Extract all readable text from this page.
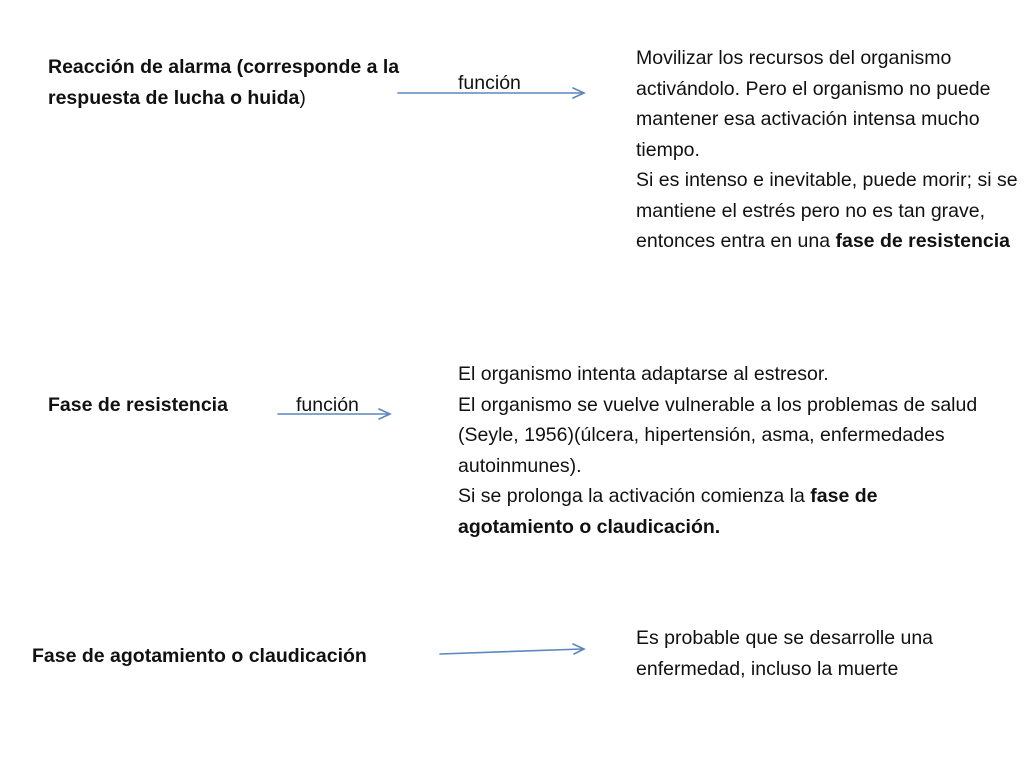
Reacción de alarma (corresponde a la respuesta de lucha o huida)
función

Movilizar los recursos del organismo activándolo. Pero el organismo no puede mantener esa activación intensa mucho tiempo.

Si es intenso e inevitable, puede morir; si se mantiene el estrés pero no es tan grave, entonces entra en una fase de resistencia

Fase de resistencia	función

El organismo intenta adaptarse al estresor.

El organismo se vuelve vulnerable a los problemas de salud (Seyle, 1956)(úlcera, hipertensión, asma, enfermedades autoinmunes).

Si se prolonga la activación comienza la fase de agotamiento o claudicación.

Fase de agotamiento o claudicación
Es probable que se desarrolle una enfermedad, incluso la muerte
